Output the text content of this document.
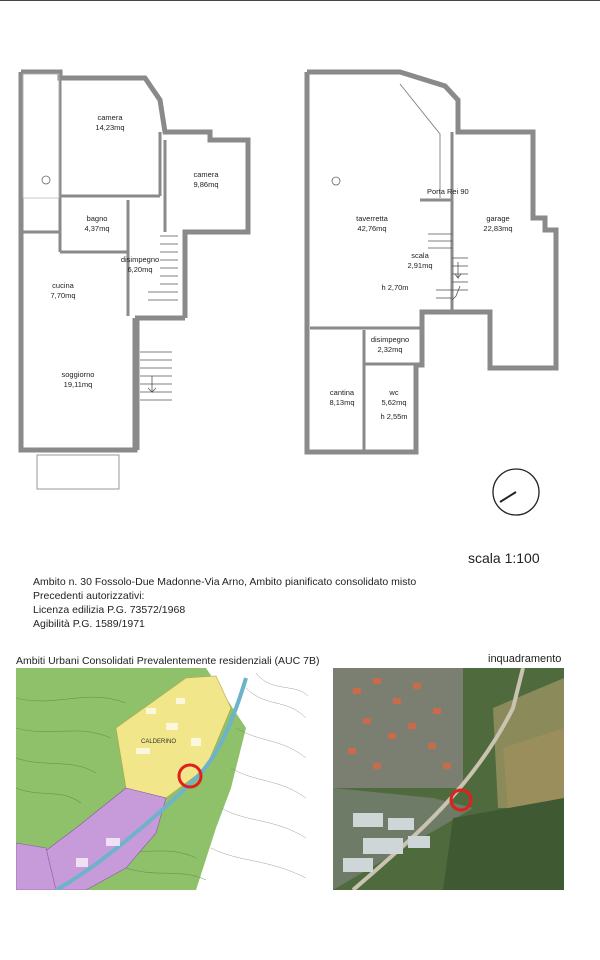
camera
14,23mq
camera
9,86mq
bagno
4,37mq
disimpegno
6,20mq
cucina
7,70mq
soggiorno
19,11mq
Porta Rei 90
taverretta
42,76mq
garage
22,83mq
scala
2,91mq
h 2,70m
disimpegno
2,32mq
cantina
8,13mq
wc
5,62mq
h 2,55m
scala 1:100
Ambito n. 30 Fossolo-Due Madonne-Via Arno, Ambito pianificato consolidato misto
Precedenti autorizzativi:
Licenza edilizia P.G. 73572/1968
Agibilità P.G. 1589/1971
Ambiti Urbani Consolidati Prevalentemente residenziali (AUC 7B)	inquadramento
CALDERINO
